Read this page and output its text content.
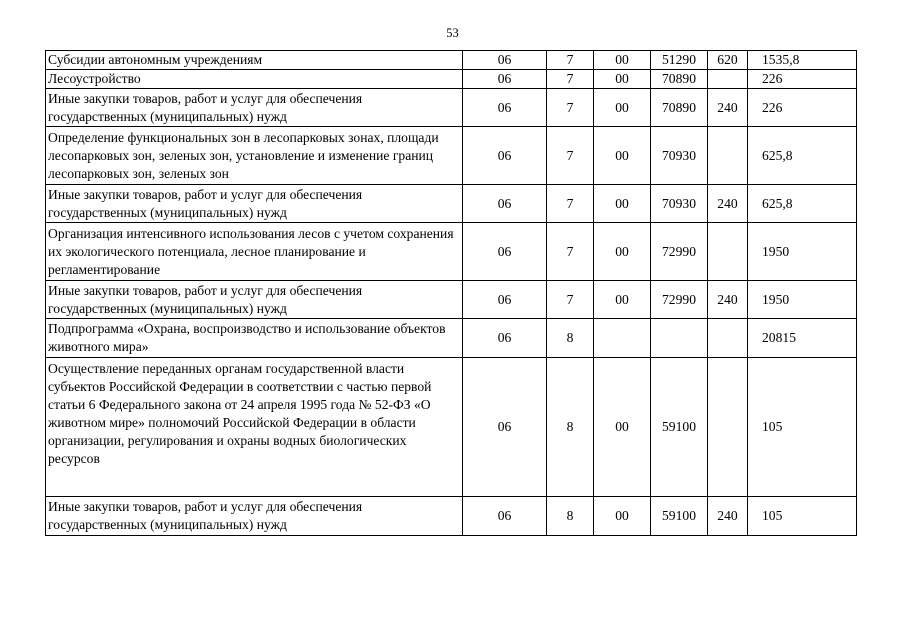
53
Субсидии автономным учреждениям	06	7	00	51290	620	1535,8
Лесоустройство	06	7	00	70890		226
Иные закупки товаров, работ и услуг для обеспечения государственных (муниципальных) нужд	06	7	00	70890	240	226
Определение функциональных зон в лесопарковых зонах, площади лесопарковых зон, зеленых зон, установление и изменение границ лесопарковых зон, зеленых зон	06	7	00	70930		625,8
Иные закупки товаров, работ и услуг для обеспечения государственных (муниципальных) нужд	06	7	00	70930	240	625,8
Организация интенсивного использования лесов с учетом сохранения их экологического потенциала, лесное планирование и регламентирование	06	7	00	72990		1950
Иные закупки товаров, работ и услуг для обеспечения государственных (муниципальных) нужд	06	7	00	72990	240	1950
Подпрограмма «Охрана, воспроизводство и использование объектов животного мира»	06	8				20815
Осуществление переданных органам государственной власти субъектов Российской Федерации в соответствии с частью первой статьи 6 Федерального закона от 24 апреля 1995 года № 52-ФЗ «О животном мире» полномочий Российской Федерации в области организации, регулирования и охраны водных биологических ресурсов	06	8	00	59100		105
Иные закупки товаров, работ и услуг для обеспечения государственных (муниципальных) нужд	06	8	00	59100	240	105
